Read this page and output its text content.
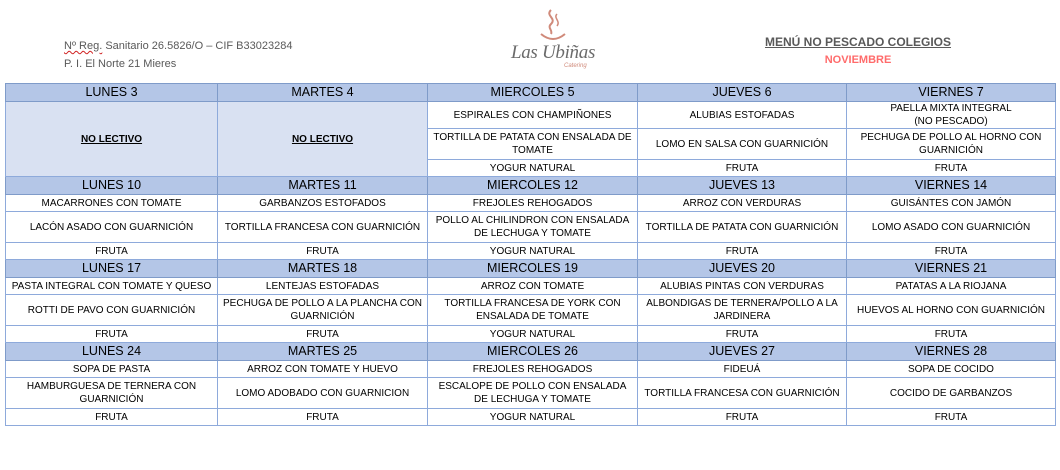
Nº Reg. Sanitario 26.5826/O – CIF B33023284
P. I. El Norte 21 Mieres
Las Ubiñas
Catering
MENÚ NO PESCADO COLEGIOS
NOVIEMBRE
LUNES 3	MARTES 4	MIERCOLES 5	JUEVES 6	VIERNES 7
NO LECTIVO	NO LECTIVO	ESPIRALES CON CHAMPIÑONES	ALUBIAS ESTOFADAS	PAELLA MIXTA INTEGRAL
(NO PESCADO)
		TORTILLA DE PATATA CON ENSALADA DE TOMATE	LOMO EN SALSA CON GUARNICIÓN	PECHUGA DE POLLO AL HORNO CON GUARNICIÓN
		YOGUR NATURAL	FRUTA	FRUTA
LUNES 10	MARTES 11	MIERCOLES 12	JUEVES 13	VIERNES 14
MACARRONES CON TOMATE	GARBANZOS ESTOFADOS	FREJOLES REHOGADOS	ARROZ CON VERDURAS	GUISÁNTES CON JAMÓN
LACÓN ASADO CON GUARNICIÓN	TORTILLA FRANCESA CON GUARNICIÓN	POLLO AL CHILINDRON CON ENSALADA DE LECHUGA Y TOMATE	TORTILLA DE PATATA CON GUARNICIÓN	LOMO ASADO CON GUARNICIÓN
FRUTA	FRUTA	YOGUR NATURAL	FRUTA	FRUTA
LUNES 17	MARTES 18	MIERCOLES 19	JUEVES 20	VIERNES 21
PASTA INTEGRAL CON TOMATE Y QUESO	LENTEJAS ESTOFADAS	ARROZ CON TOMATE	ALUBIAS PINTAS CON VERDURAS	PATATAS A LA RIOJANA
ROTTI DE PAVO CON GUARNICIÓN	PECHUGA DE POLLO A LA PLANCHA CON GUARNICIÓN	TORTILLA FRANCESA DE YORK CON ENSALADA DE TOMATE	ALBONDIGAS DE TERNERA/POLLO A LA JARDINERA	HUEVOS AL HORNO CON GUARNICIÓN
FRUTA	FRUTA	YOGUR NATURAL	FRUTA	FRUTA
LUNES 24	MARTES 25	MIERCOLES 26	JUEVES 27	VIERNES 28
SOPA DE PASTA	ARROZ CON TOMATE Y HUEVO	FREJOLES REHOGADOS	FIDEUÁ	SOPA DE COCIDO
HAMBURGUESA DE TERNERA CON GUARNICIÓN	LOMO ADOBADO CON GUARNICION	ESCALOPE DE POLLO CON ENSALADA DE LECHUGA Y TOMATE	TORTILLA FRANCESA CON GUARNICIÓN	COCIDO DE GARBANZOS
FRUTA	FRUTA	YOGUR NATURAL	FRUTA	FRUTA
